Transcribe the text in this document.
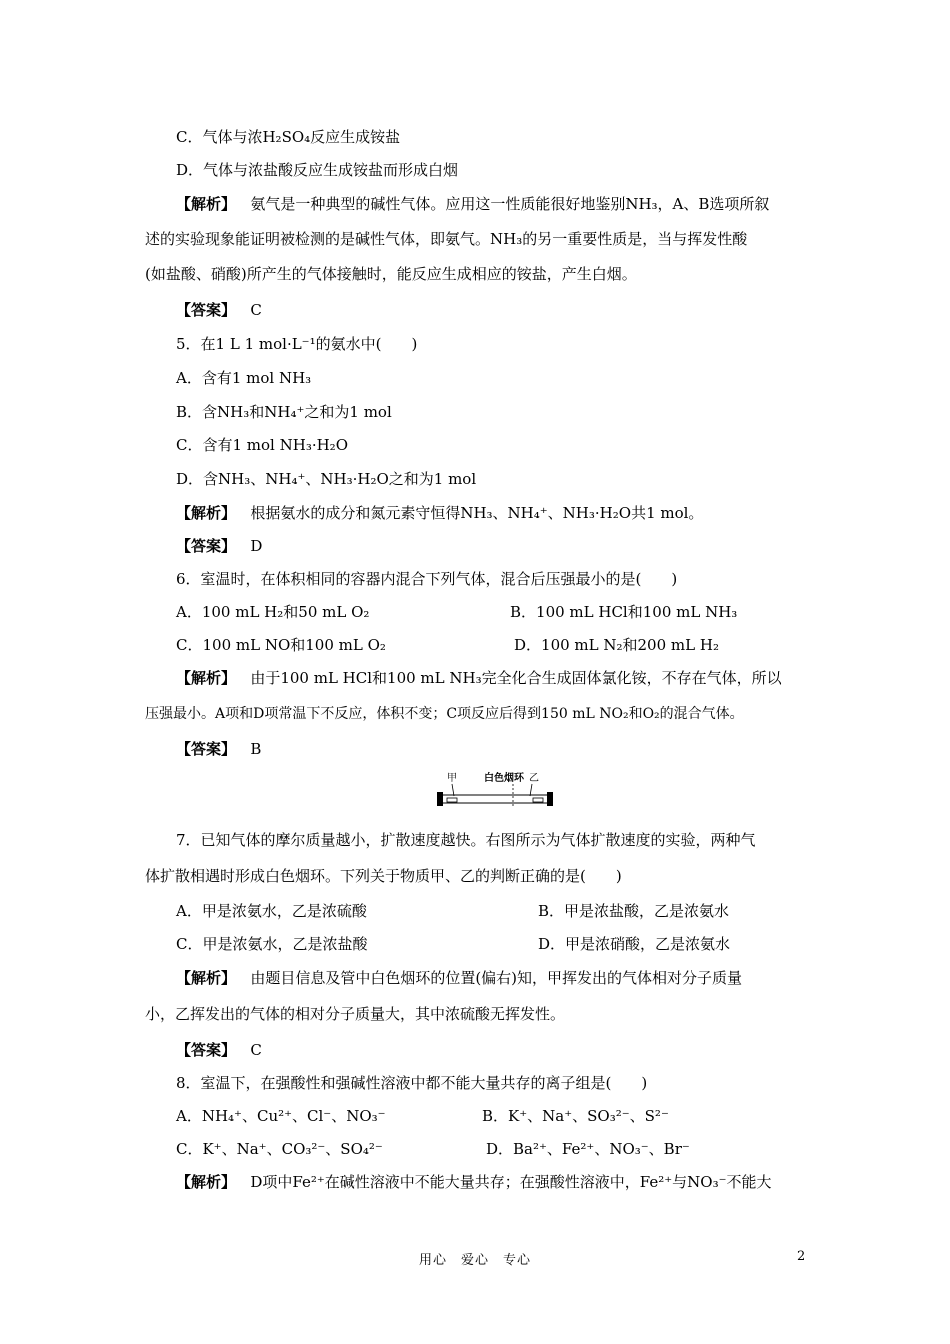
C．气体与浓H₂SO₄反应生成铵盐
D．气体与浓盐酸反应生成铵盐而形成白烟
【解析】 氨气是一种典型的碱性气体。应用这一性质能很好地鉴别NH₃，A、B选项所叙
述的实验现象能证明被检测的是碱性气体，即氨气。NH₃的另一重要性质是，当与挥发性酸
(如盐酸、硝酸)所产生的气体接触时，能反应生成相应的铵盐，产生白烟。
【答案】 C
5．在1 L 1 mol·L⁻¹的氨水中(　　)
A．含有1 mol NH₃
B．含NH₃和NH₄⁺之和为1 mol
C．含有1 mol NH₃·H₂O
D．含NH₃、NH₄⁺、NH₃·H₂O之和为1 mol
【解析】 根据氨水的成分和氮元素守恒得NH₃、NH₄⁺、NH₃·H₂O共1 mol。
【答案】 D
6．室温时，在体积相同的容器内混合下列气体，混合后压强最小的是(　　)
A．100 mL H₂和50 mL O₂	B．100 mL HCl和100 mL NH₃
C．100 mL NO和100 mL O₂	D．100 mL N₂和200 mL H₂
【解析】 由于100 mL HCl和100 mL NH₃完全化合生成固体氯化铵，不存在气体，所以
压强最小。A项和D项常温下不反应，体积不变；C项反应后得到150 mL NO₂和O₂的混合气体。
【答案】 B
甲	白色烟环 乙
7．已知气体的摩尔质量越小，扩散速度越快。右图所示为气体扩散速度的实验，两种气
体扩散相遇时形成白色烟环。下列关于物质甲、乙的判断正确的是(　　)
A．甲是浓氨水，乙是浓硫酸	B．甲是浓盐酸，乙是浓氨水
C．甲是浓氨水，乙是浓盐酸	D．甲是浓硝酸，乙是浓氨水
【解析】 由题目信息及管中白色烟环的位置(偏右)知，甲挥发出的气体相对分子质量
小，乙挥发出的气体的相对分子质量大，其中浓硫酸无挥发性。
【答案】 C
8．室温下，在强酸性和强碱性溶液中都不能大量共存的离子组是(　　)
A．NH₄⁺、Cu²⁺、Cl⁻、NO₃⁻	B．K⁺、Na⁺、SO₃²⁻、S²⁻
C．K⁺、Na⁺、CO₃²⁻、SO₄²⁻	D．Ba²⁺、Fe²⁺、NO₃⁻、Br⁻
【解析】 D项中Fe²⁺在碱性溶液中不能大量共存；在强酸性溶液中，Fe²⁺与NO₃⁻不能大
用心　爱心　专心	2
